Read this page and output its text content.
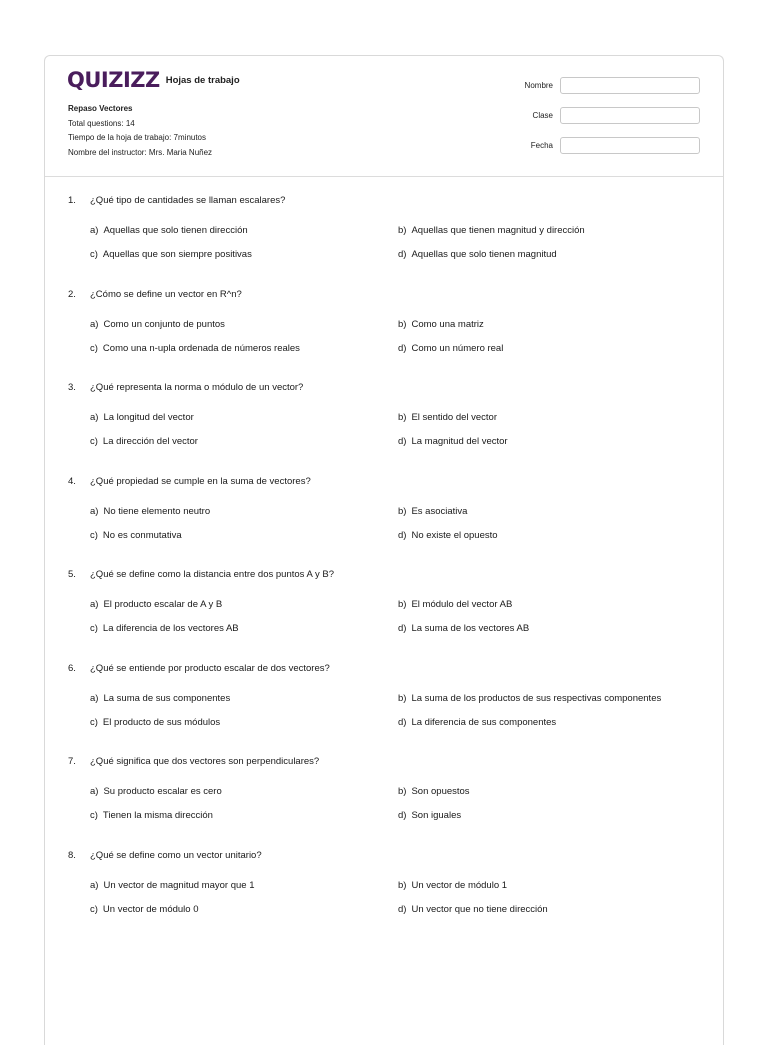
QUIZIZZ Hojas de trabajo
Repaso Vectores
Total questions: 14
Tiempo de la hoja de trabajo: 7minutos
Nombre del instructor: Mrs. Maria Nuñez
Nombre
Clase
Fecha
1.	¿Qué tipo de cantidades se llaman escalares?
a) Aquellas que solo tienen dirección	b) Aquellas que tienen magnitud y dirección
c) Aquellas que son siempre positivas	d) Aquellas que solo tienen magnitud
2.	¿Cómo se define un vector en R^n?
a) Como un conjunto de puntos	b) Como una matriz
c) Como una n-upla ordenada de números reales	d) Como un número real
3.	¿Qué representa la norma o módulo de un vector?
a) La longitud del vector	b) El sentido del vector
c) La dirección del vector	d) La magnitud del vector
4.	¿Qué propiedad se cumple en la suma de vectores?
a) No tiene elemento neutro	b) Es asociativa
c) No es conmutativa	d) No existe el opuesto
5.	¿Qué se define como la distancia entre dos puntos A y B?
a) El producto escalar de A y B	b) El módulo del vector AB
c) La diferencia de los vectores AB	d) La suma de los vectores AB
6.	¿Qué se entiende por producto escalar de dos vectores?
a) La suma de sus componentes	b) La suma de los productos de sus respectivas componentes
c) El producto de sus módulos	d) La diferencia de sus componentes
7.	¿Qué significa que dos vectores son perpendiculares?
a) Su producto escalar es cero	b) Son opuestos
c) Tienen la misma dirección	d) Son iguales
8.	¿Qué se define como un vector unitario?
a) Un vector de magnitud mayor que 1	b) Un vector de módulo 1
c) Un vector de módulo 0	d) Un vector que no tiene dirección
